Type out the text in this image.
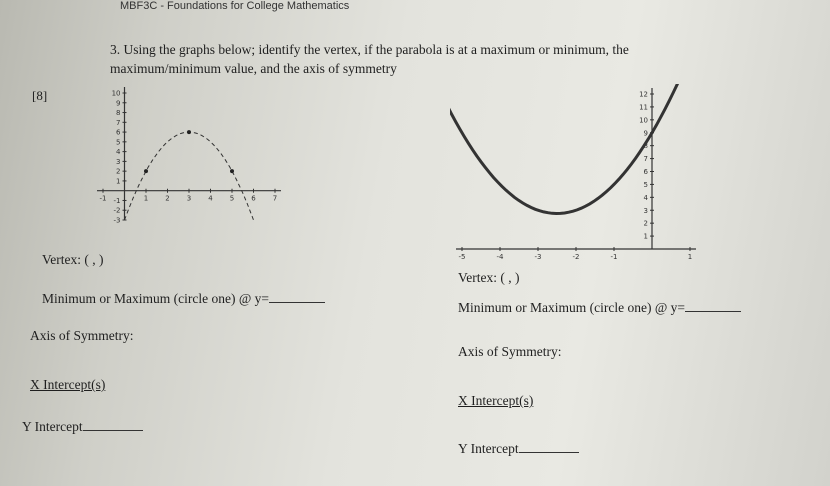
MBF3C - Foundations for College Mathematics
3. Using the graphs below; identify the vertex, if the parabola is at a maximum or minimum, the
maximum/minimum value, and the axis of symmetry
[8]
-1	1 2 3 4 5 6 7
-3
-2
-1
1
2
3
4
5
6
7
8
9
10
-5	-4	-3	-2	-1	1
1
2
3
4
5
6
7
8
9
10
11
12
Vertex: ( , )
Minimum or Maximum (circle one) @ y=
Axis of Symmetry:
X Intercept(s)
Y Intercept
Vertex: ( , )
Minimum or Maximum (circle one) @ y=
Axis of Symmetry:
X Intercept(s)
Y Intercept
